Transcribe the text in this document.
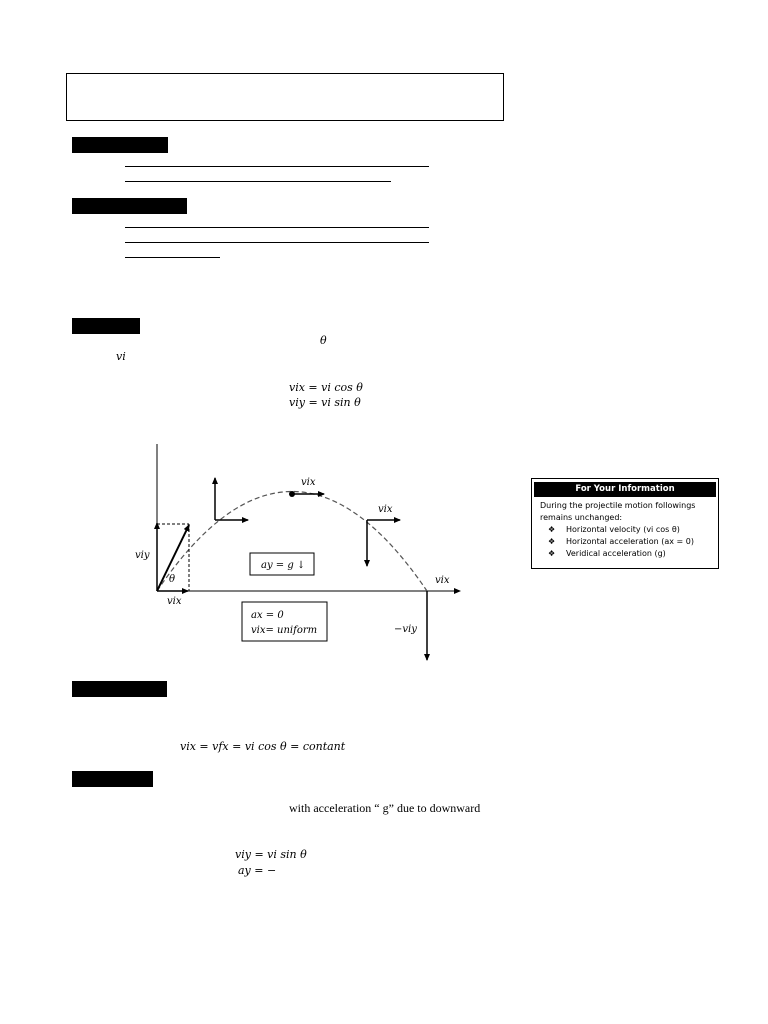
θ
vi
vix = vi cos θ
viy = vi sin θ
vix
vix
vix
vix
viy
θ
−viy
ay = g ↓
ax = 0
vix= uniform
For Your Information
During the projectile motion followings remains unchanged:
❖ Horizontal velocity (vi cos θ)
❖ Horizontal acceleration (ax = 0)
❖ Veridical acceleration (g)
vix = vfx = vi cos θ = contant
with acceleration “ g” due to downward
viy = vi sin θ
ay = −
